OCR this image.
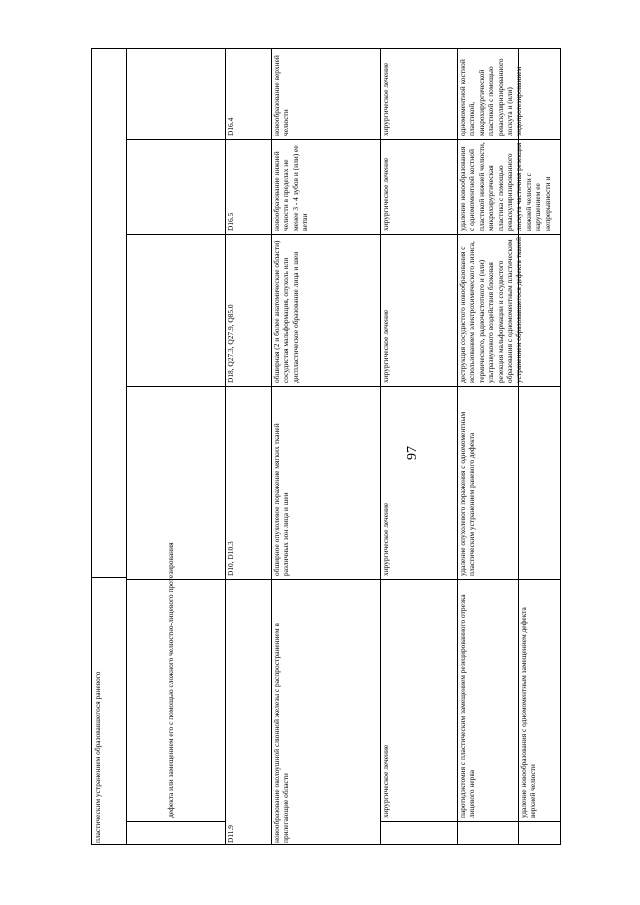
97
пластическим устранением образовавшегося раневого	дефекта или замещением его с помощью сложного челюстно-лицевого протезирования
D11.9
D10, D10.3
D18, Q27.3, Q27.9, Q85.0
D16.5
D16.4
новообразование околоушной слюнной железы с распространением в прилегающие области
обширное опухолевое поражение мягких тканей различных зон лица и шеи
обширная (2 и более анатомические области) сосудистая мальформация, опухоль или диспластическое образование лица и шеи
новообразование нижней челюсти в пределах не менее 3 - 4 зубов и (или) ее ветви
новообразование верхней челюсти
хирургическое лечение
хирургическое лечение
хирургическое лечение
хирургическое лечение
хирургическое лечение
паротидэктомия с пластическим замещением резецированного отрезка лицевого нерва
удаление опухолевого поражения с одномоментным пластическим устранением раневого дефекта
деструкция сосудистого новообразования с использованием электрохимического лизиса, термического, радиочастотного и (или) ультразвукового воздействия блоковая резекция мальформации и сосудистого образования с одномоментным пластическим устранением образовавшегося дефекта тканей
удаление новообразования с одномоментной костной пластикой нижней челюсти, микрохирургическая пластика с помощью реваскуляризированного лоскута частичная резекция нижней челюсти с нарушением ее непрерывности и
одномоментной костной пластикой, микрохирургической пластикой с помощью реваскуляризированного лоскута и (или) эндопротезированием
удаление новообразования с одномоментным замещением дефекта верхней челюсти
